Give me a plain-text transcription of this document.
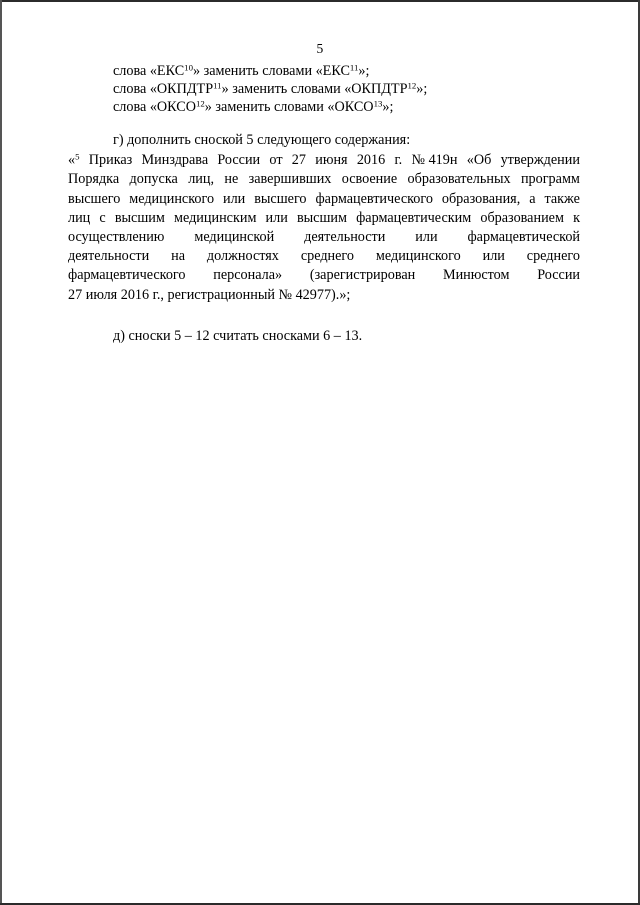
5
слова «ЕКС$^{10}$» заменить словами «ЕКС$^{11}$»;
слова «ОКПДТР$^{11}$» заменить словами «ОКПДТР$^{12}$»;
слова «ОКСО$^{12}$» заменить словами «ОКСО$^{13}$»;
г) дополнить сноской 5 следующего содержания:
«$^5$ Приказ Минздрава России от 27 июня 2016 г. № 419н «Об утверждении
Порядка допуска лиц, не завершивших освоение образовательных программ
высшего медицинского или высшего фармацевтического образования, а также
лиц с высшим медицинским или высшим фармацевтическим образованием к
осуществлению медицинской деятельности или фармацевтической
деятельности на должностях среднего медицинского или среднего
фармацевтического персонала» (зарегистрирован Минюстом России
27 июля 2016 г., регистрационный № 42977).»;
д) сноски 5 – 12 считать сносками 6 – 13.
